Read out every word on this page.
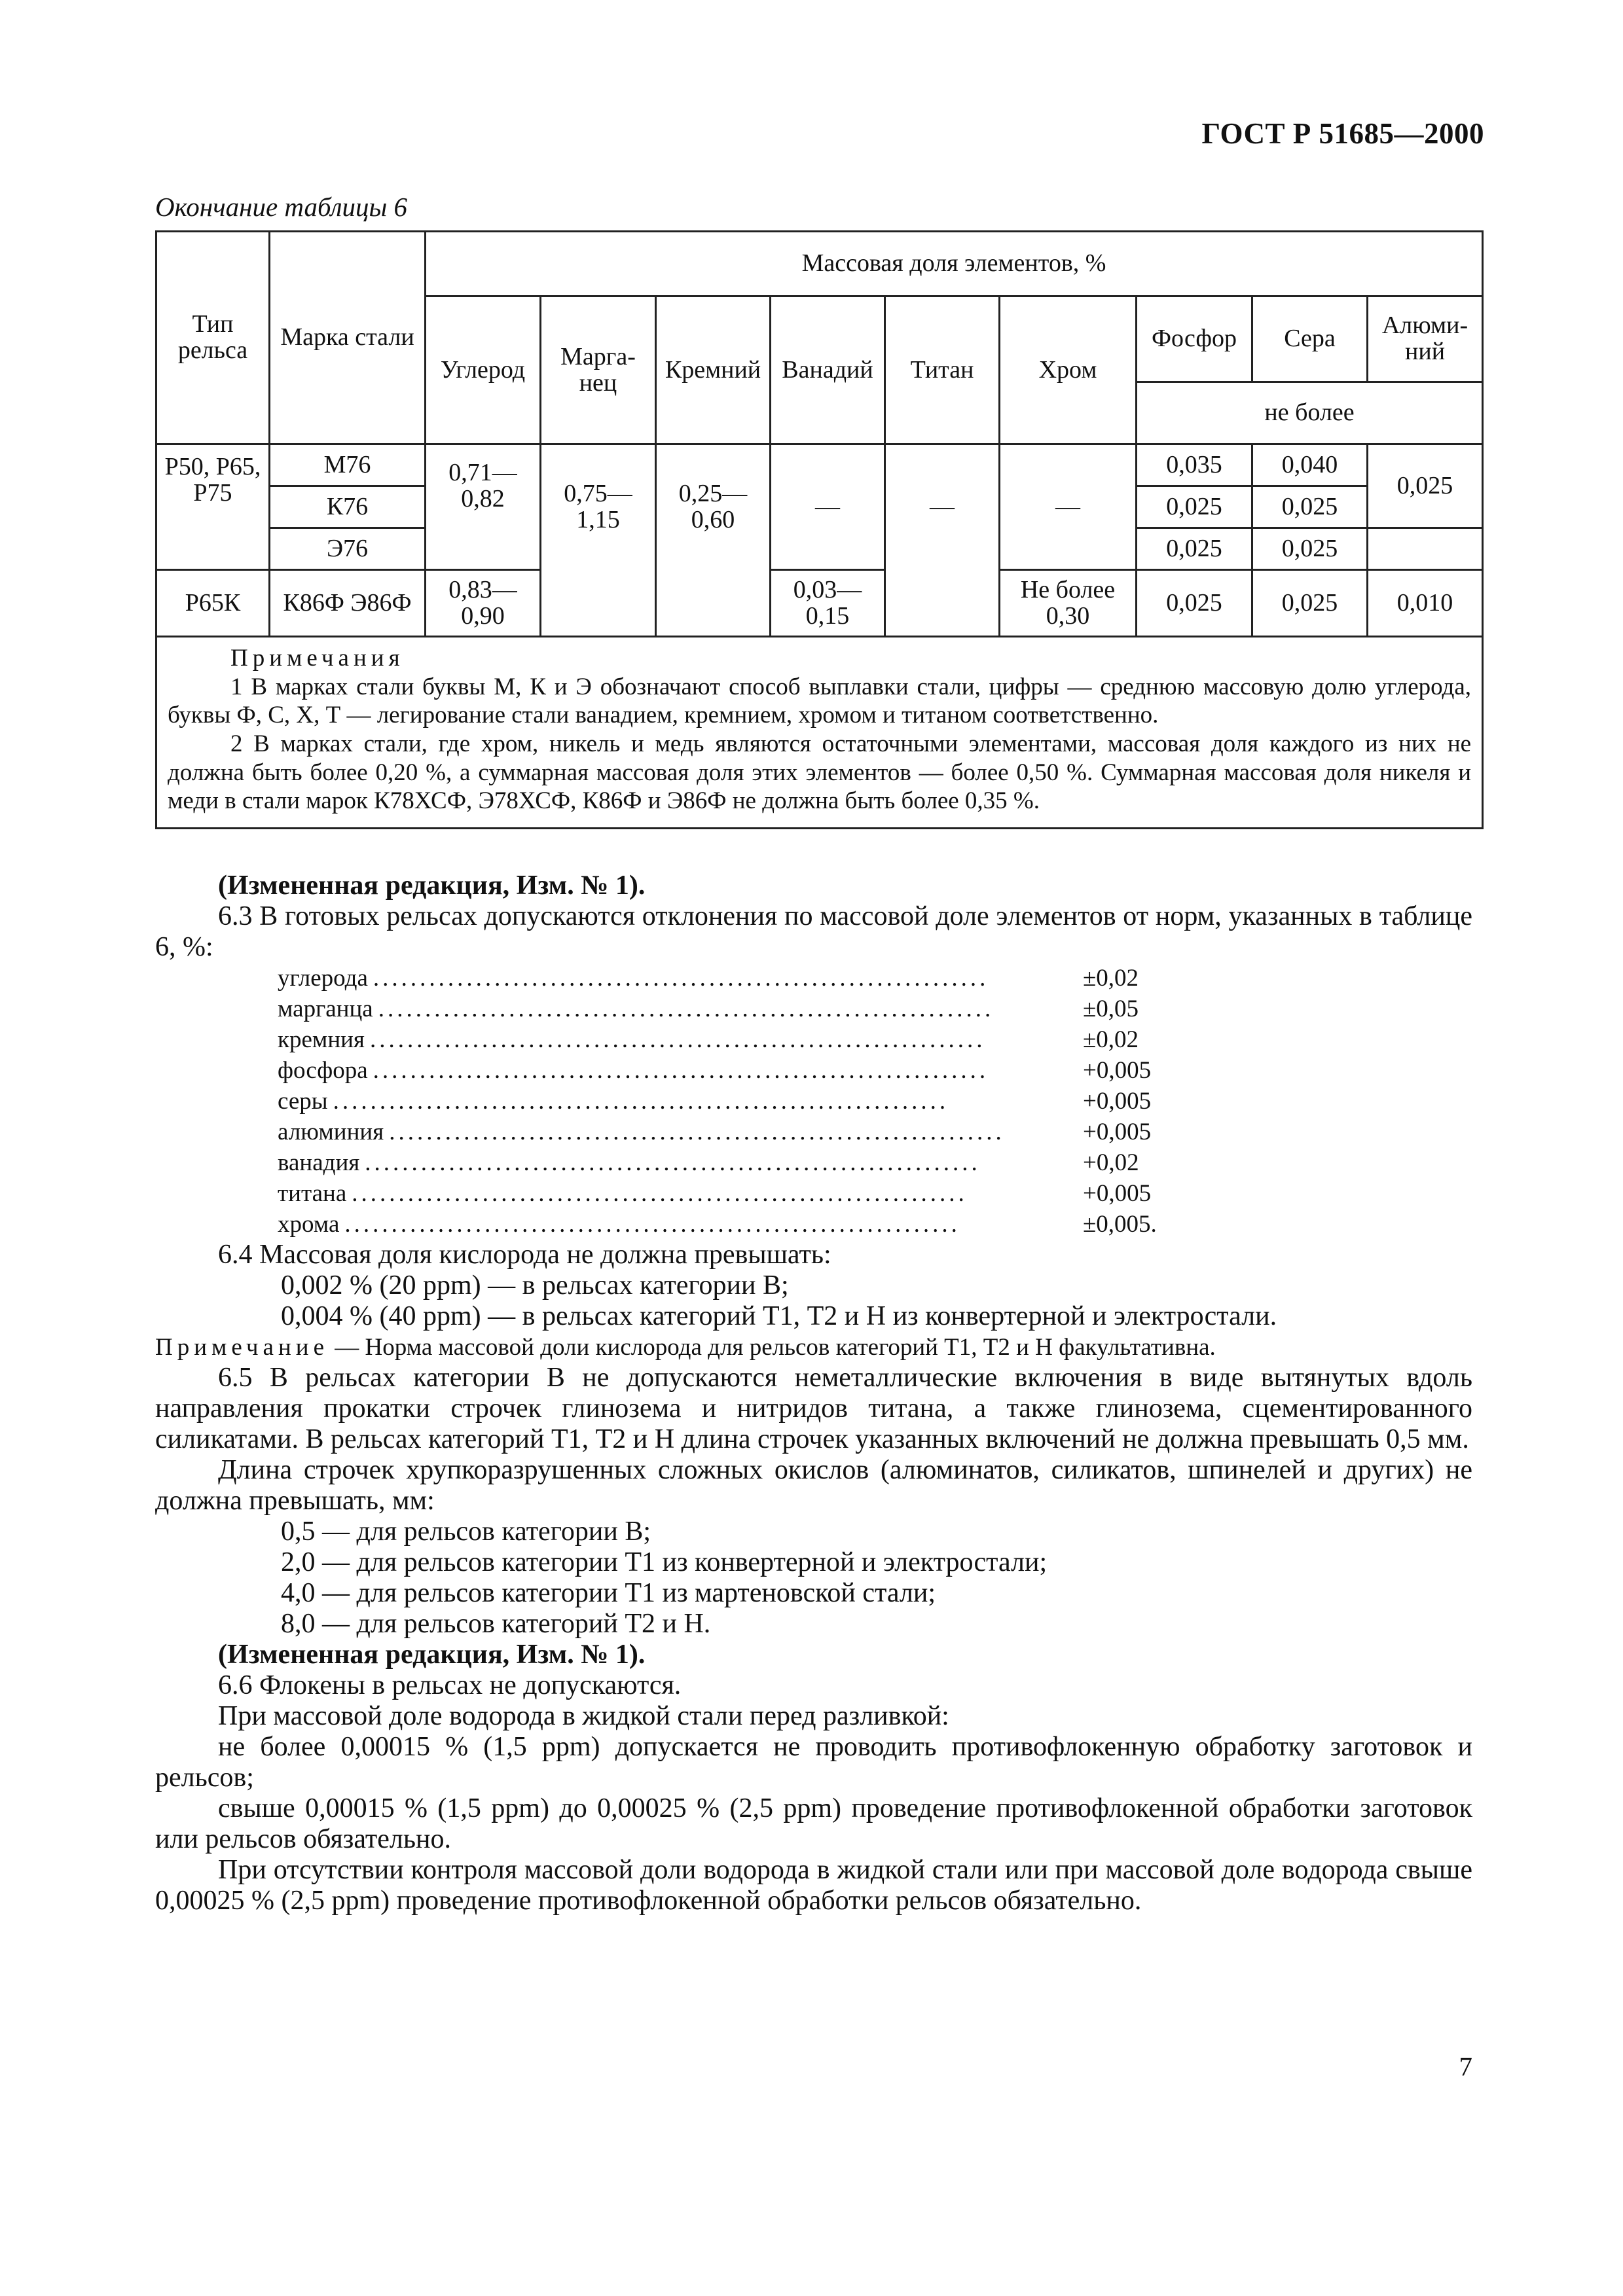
ГОСТ Р 51685—2000
Окончание таблицы 6
Тип рельса	Марка стали	Массовая доля элементов, %								
		Углерод	Марга-нец	Кремний	Ванадий	Титан	Хром	Фосфор	Сера	Алюми-ний
								не более		
Р50, Р65, Р75	М76	0,71—0,82	0,75—1,15	0,25—0,60	—	—	—	0,035	0,040	0,025
	К76							0,025	0,025	
	Э76							0,025	0,025	
Р65К	К86Ф Э86Ф	0,83—0,90			0,03—0,15		Не более 0,30	0,025	0,025	0,010

Примечания

1 В марках стали буквы М, К и Э обозначают способ выплавки стали, цифры — среднюю массовую долю углерода, буквы Ф, С, Х, Т — легирование стали ванадием, кремнием, хромом и титаном соответственно.

2 В марках стали, где хром, никель и медь являются остаточными элементами, массовая доля каждого из них не должна быть более 0,20 %, а суммарная массовая доля этих элементов — более 0,50 %. Суммарная массовая доля никеля и меди в стали марок К78ХСФ, Э78ХСФ, К86Ф и Э86Ф не должна быть более 0,35 %.										

(Измененная редакция, Изм. № 1).

6.3 В готовых рельсах допускаются отклонения по массовой доле элементов от норм, указанных в таблице 6, %:

углерода ..................................................................	±0,02
марганца ..................................................................	±0,05
кремния ..................................................................	±0,02
фосфора ..................................................................	+0,005
серы ..................................................................	+0,005
алюминия ..................................................................	+0,005
ванадия ..................................................................	+0,02
титана ..................................................................	+0,005
хрома ..................................................................	±0,005.

6.4 Массовая доля кислорода не должна превышать:

0,002 % (20 ppm) — в рельсах категории В;

0,004 % (40 ppm) — в рельсах категорий Т1, Т2 и Н из конвертерной и электростали.

Примечание — Норма массовой доли кислорода для рельсов категорий Т1, Т2 и Н факультативна.

6.5 В рельсах категории В не допускаются неметаллические включения в виде вытянутых вдоль направления прокатки строчек глинозема и нитридов титана, а также глинозема, сцементированного силикатами. В рельсах категорий Т1, Т2 и Н длина строчек указанных включений не должна превышать 0,5 мм.

Длина строчек хрупкоразрушенных сложных окислов (алюминатов, силикатов, шпинелей и других) не должна превышать, мм:

0,5 — для рельсов категории В;

2,0 — для рельсов категории Т1 из конвертерной и электростали;

4,0 — для рельсов категории Т1 из мартеновской стали;

8,0 — для рельсов категорий Т2 и Н.

(Измененная редакция, Изм. № 1).

6.6 Флокены в рельсах не допускаются.

При массовой доле водорода в жидкой стали перед разливкой:

не более 0,00015 % (1,5 ppm) допускается не проводить противофлокенную обработку заготовок и рельсов;

свыше 0,00015 % (1,5 ppm) до 0,00025 % (2,5 ppm) проведение противофлокенной обработки заготовок или рельсов обязательно.

При отсутствии контроля массовой доли водорода в жидкой стали или при массовой доле водорода свыше 0,00025 % (2,5 ppm) проведение противофлокенной обработки рельсов обязательно.

7
